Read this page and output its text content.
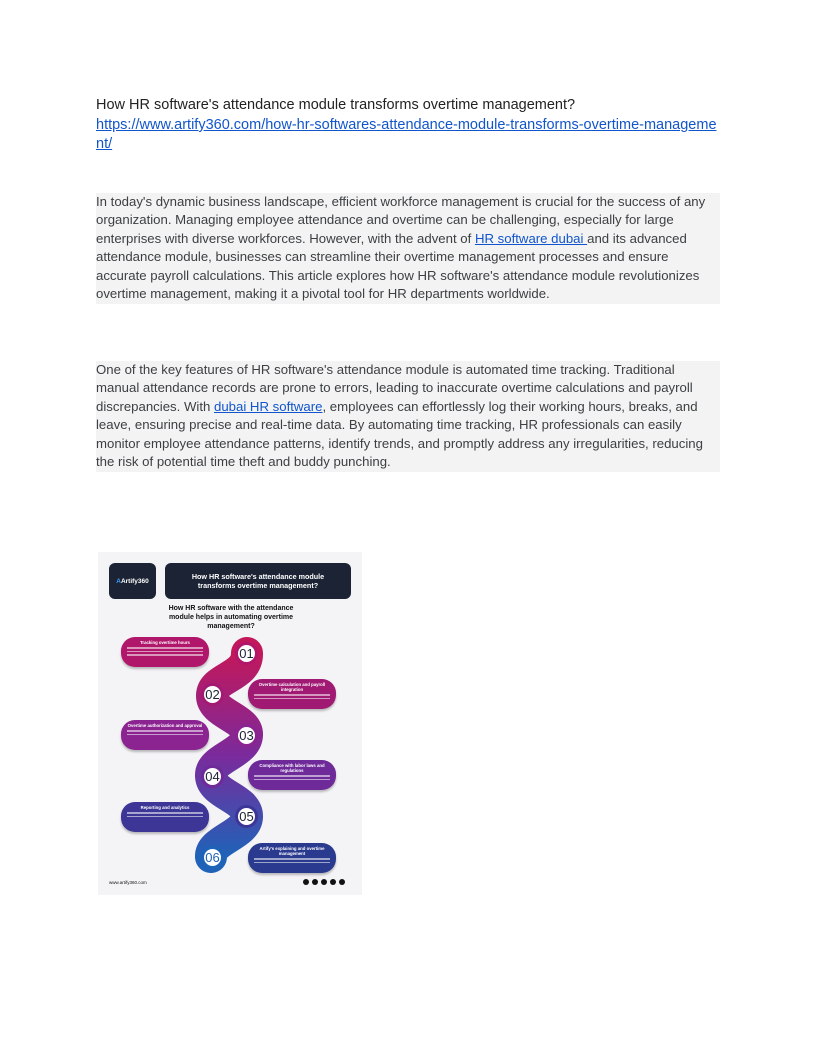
How HR software's attendance module transforms overtime management?
https://www.artify360.com/how-hr-softwares-attendance-module-transforms-overtime-management/
In today's dynamic business landscape, efficient workforce management is crucial for the success of any organization. Managing employee attendance and overtime can be challenging, especially for large enterprises with diverse workforces. However, with the advent of HR software dubai and its advanced attendance module, businesses can streamline their overtime management processes and ensure accurate payroll calculations. This article explores how HR software's attendance module revolutionizes overtime management, making it a pivotal tool for HR departments worldwide.
One of the key features of HR software's attendance module is automated time tracking. Traditional manual attendance records are prone to errors, leading to inaccurate overtime calculations and payroll discrepancies. With dubai HR software, employees can effortlessly log their working hours, breaks, and leave, ensuring precise and real-time data. By automating time tracking, HR professionals can easily monitor employee attendance patterns, identify trends, and promptly address any irregularities, reducing the risk of potential time theft and buddy punching.
A Artify360	How HR software's attendance module transforms overtime management?
How HR software with the attendance module helps in automating overtime management?
Tracking overtime hours
01
Overtime calculation and payroll integration
02
Overtime authorization and approval
03
Compliance with labor laws and regulations
04
Reporting and analytics
05
Artify's explaining and overtime management
06
www.artify360.com
